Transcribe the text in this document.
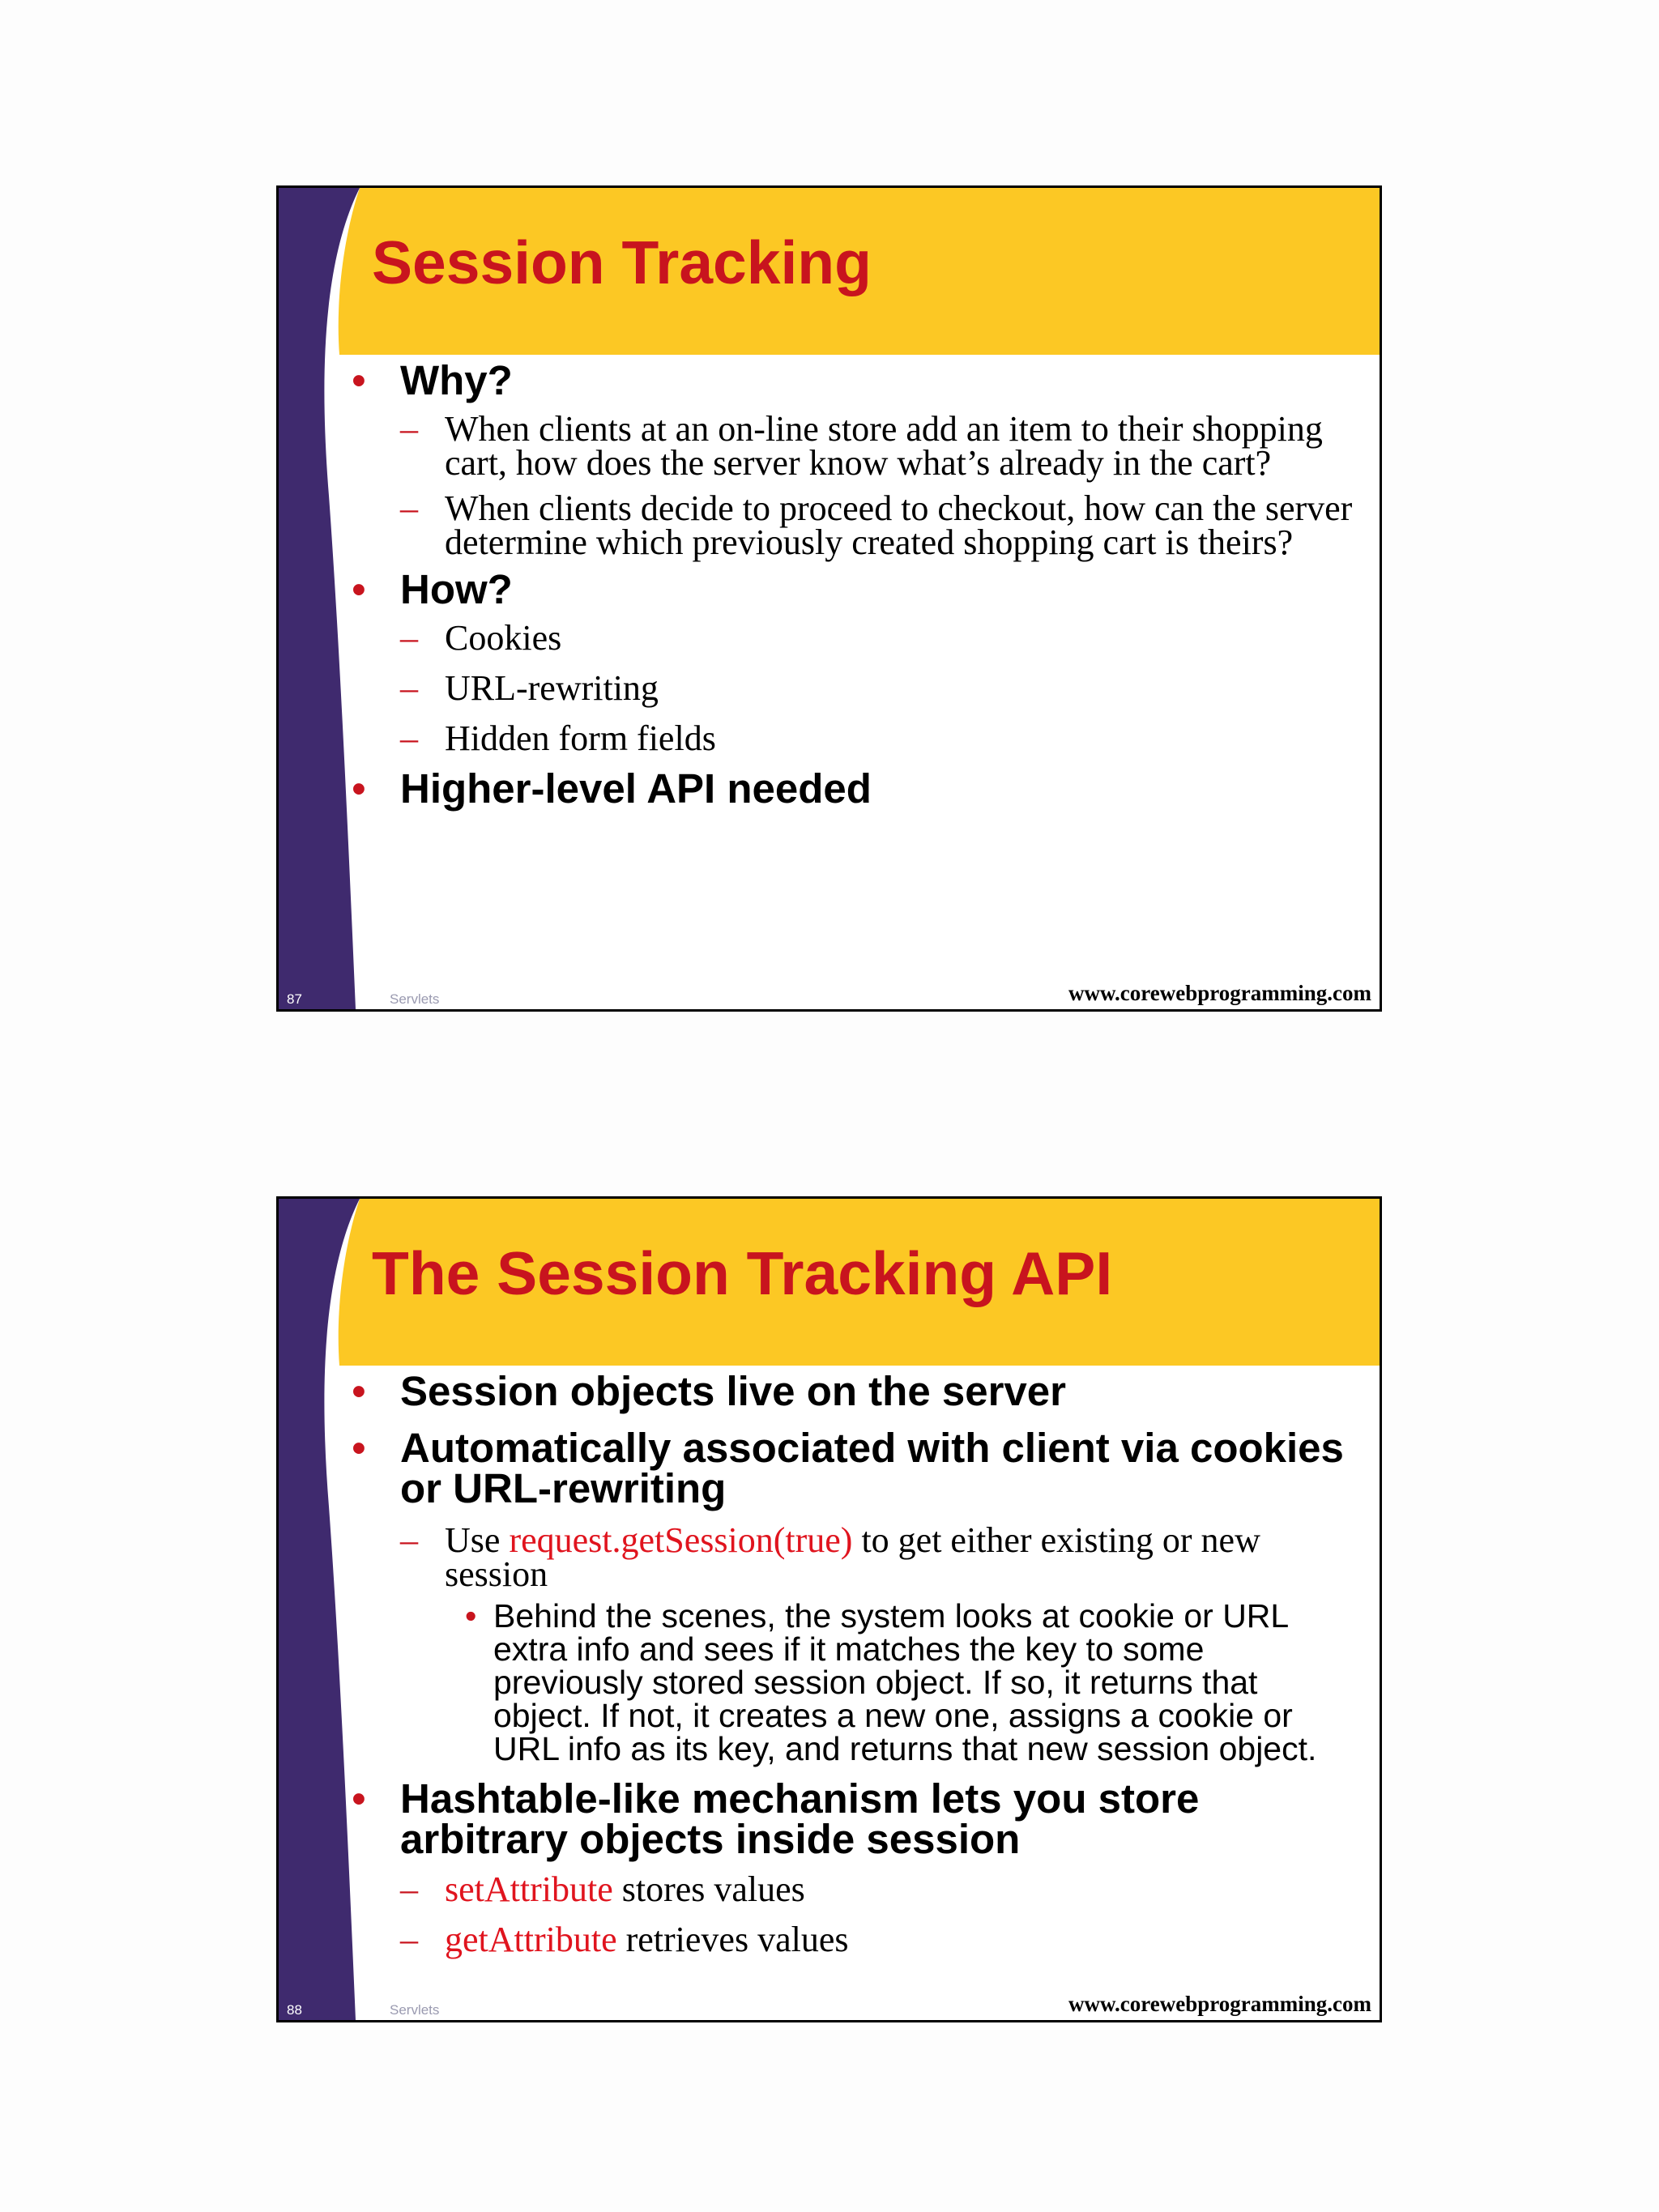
Session Tracking
• Why?
– When clients at an on-line store add an item to their shopping cart, how does the server know what’s already in the cart?
– When clients decide to proceed to checkout, how can the server determine which previously created shopping cart is theirs?
• How?
– Cookies
– URL-rewriting
– Hidden form fields
• Higher-level API needed
87	Servlets	www.corewebprogramming.com
The Session Tracking API
• Session objects live on the server
• Automatically associated with client via cookies or URL-rewriting
– Use request.getSession(true) to get either existing or new session
• Behind the scenes, the system looks at cookie or URL extra info and sees if it matches the key to some previously stored session object. If so, it returns that object. If not, it creates a new one, assigns a cookie or URL info as its key, and returns that new session object.
• Hashtable-like mechanism lets you store arbitrary objects inside session
– setAttribute stores values
– getAttribute retrieves values
88	Servlets	www.corewebprogramming.com
